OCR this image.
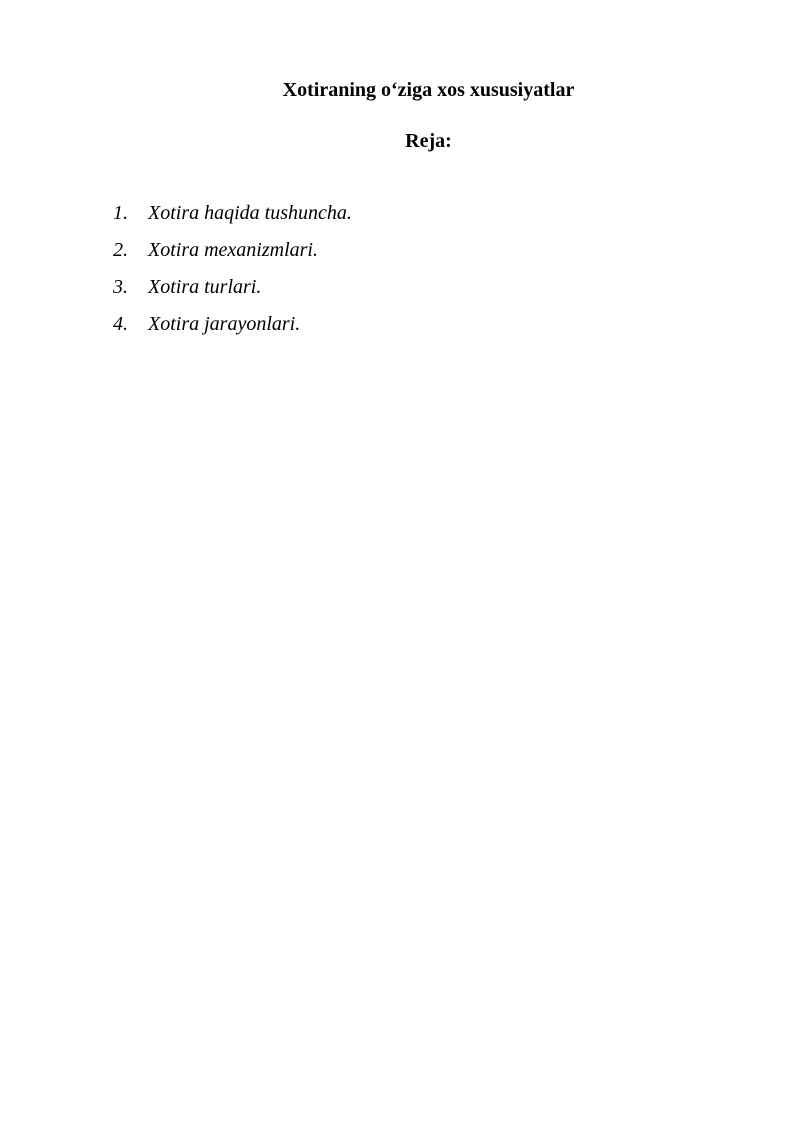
Xotiraning o‘ziga xos xususiyatlar
Reja:
1.	Xotira haqida tushuncha.
2.	Xotira mexanizmlari.
3.	Xotira turlari.
4.	Xotira jarayonlari.
